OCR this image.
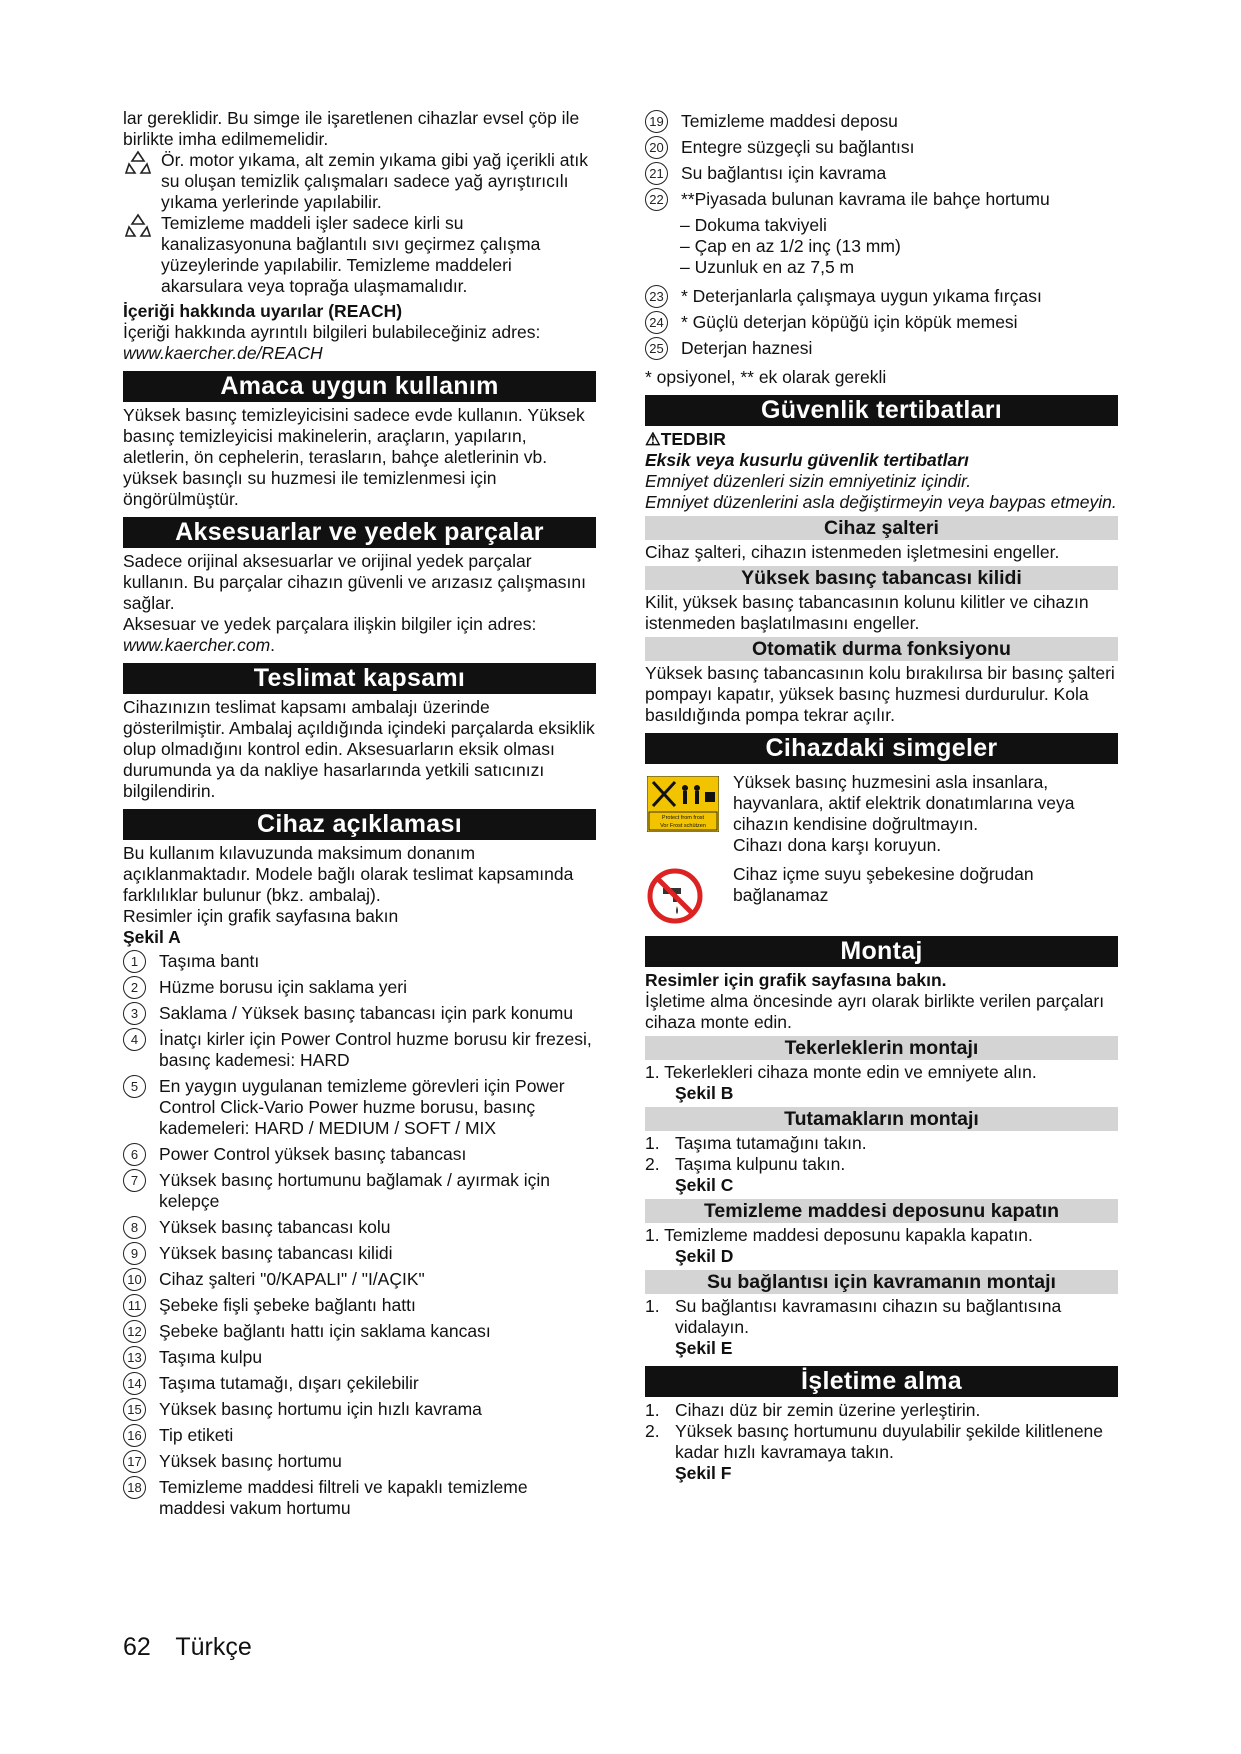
lar gereklidir. Bu simge ile işaretlenen cihazlar evsel çöp ile birlikte imha edilmemelidir.

Ör. motor yıkama, alt zemin yıkama gibi yağ içerikli atık su oluşan temizlik çalışmaları sadece yağ ayrıştırıcılı yıkama yerlerinde yapılabilir.

Temizleme maddeli işler sadece kirli su kanalizasyonuna bağlantılı sıvı geçirmez çalışma yüzeylerinde yapılabilir. Temizleme maddeleri akarsulara veya toprağa ulaşmamalıdır.

İçeriği hakkında uyarılar (REACH)

İçeriği hakkında ayrıntılı bilgileri bulabileceğiniz adres:

www.kaercher.de/REACH

Amaca uygun kullanım

Yüksek basınç temizleyicisini sadece evde kullanın. Yüksek basınç temizleyicisi makinelerin, araçların, yapıların, aletlerin, ön cephelerin, terasların, bahçe aletlerinin vb. yüksek basınçlı su huzmesi ile temizlenmesi için öngörülmüştür.

Aksesuarlar ve yedek parçalar

Sadece orijinal aksesuarlar ve orijinal yedek parçalar kullanın. Bu parçalar cihazın güvenli ve arızasız çalışmasını sağlar.

Aksesuar ve yedek parçalara ilişkin bilgiler için adres:

www.kaercher.com.

Teslimat kapsamı

Cihazınızın teslimat kapsamı ambalajı üzerinde gösterilmiştir. Ambalaj açıldığında içindeki parçalarda eksiklik olup olmadığını kontrol edin. Aksesuarların eksik olması durumunda ya da nakliye hasarlarında yetkili satıcınızı bilgilendirin.

Cihaz açıklaması

Bu kullanım kılavuzunda maksimum donanım açıklanmaktadır. Modele bağlı olarak teslimat kapsamında farklılıklar bulunur (bkz. ambalaj).

Resimler için grafik sayfasına bakın

Şekil A

1	Taşıma bantı
2	Hüzme borusu için saklama yeri
3	Saklama / Yüksek basınç tabancası için park konumu
4	İnatçı kirler için Power Control huzme borusu kir frezesi, basınç kademesi: HARD
5	En yaygın uygulanan temizleme görevleri için Power Control Click-Vario Power huzme borusu, basınç kademeleri: HARD / MEDIUM / SOFT / MIX
6	Power Control yüksek basınç tabancası
7	Yüksek basınç hortumunu bağlamak / ayırmak için kelepçe
8	Yüksek basınç tabancası kolu
9	Yüksek basınç tabancası kilidi
10 Cihaz şalteri "0/KAPALI" / "I/AÇIK"
11 Şebeke fişli şebeke bağlantı hattı
12 Şebeke bağlantı hattı için saklama kancası
13 Taşıma kulpu
14 Taşıma tutamağı, dışarı çekilebilir
15 Yüksek basınç hortumu için hızlı kavrama
16 Tip etiketi
17 Yüksek basınç hortumu
18 Temizleme maddesi filtreli ve kapaklı temizleme maddesi vakum hortumu
19 Temizleme maddesi deposu
20 Entegre süzgeçli su bağlantısı
21 Su bağlantısı için kavrama
22 **Piyasada bulunan kavrama ile bahçe hortumu

– Dokuma takviyeli

– Çap en az 1/2 inç (13 mm)

– Uzunluk en az 7,5 m

23 * Deterjanlarla çalışmaya uygun yıkama fırçası
24 * Güçlü deterjan köpüğü için köpük memesi
25 Deterjan haznesi

* opsiyonel, ** ek olarak gerekli

Güvenlik tertibatları

⚠TEDBIR

Eksik veya kusurlu güvenlik tertibatları

Emniyet düzenleri sizin emniyetiniz içindir.

Emniyet düzenlerini asla değiştirmeyin veya baypas etmeyin.

Cihaz şalteri

Cihaz şalteri, cihazın istenmeden işletmesini engeller.

Yüksek basınç tabancası kilidi

Kilit, yüksek basınç tabancasının kolunu kilitler ve cihazın istenmeden başlatılmasını engeller.

Otomatik durma fonksiyonu

Yüksek basınç tabancasının kolu bırakılırsa bir basınç şalteri pompayı kapatır, yüksek basınç huzmesi durdurulur. Kola basıldığında pompa tekrar açılır.

Cihazdaki simgeler
Protect from frost
Vor Frost schützen

Yüksek basınç huzmesini asla insanlara, hayvanlara, aktif elektrik donatımlarına veya cihazın kendisine doğrultmayın.

Cihazı dona karşı koruyun.

Cihaz içme suyu şebekesine doğrudan bağlanamaz

Montaj

Resimler için grafik sayfasına bakın.

İşletime alma öncesinde ayrı olarak birlikte verilen parçaları cihaza monte edin.

Tekerleklerin montajı

1. Tekerlekleri cihaza monte edin ve emniyete alın.

Şekil B

Tutamakların montajı
1. Taşıma tutamağını takın.
2. Taşıma kulpunu takın.

Şekil C

Temizleme maddesi deposunu kapatın

1. Temizleme maddesi deposunu kapakla kapatın.

Şekil D

Su bağlantısı için kavramanın montajı
1. Su bağlantısı kavramasını cihazın su bağlantısına vidalayın.

Şekil E

İşletime alma
1. Cihazı düz bir zemin üzerine yerleştirin.
2. Yüksek basınç hortumunu duyulabilir şekilde kilitlenene kadar hızlı kavramaya takın.

Şekil F

62 Türkçe
